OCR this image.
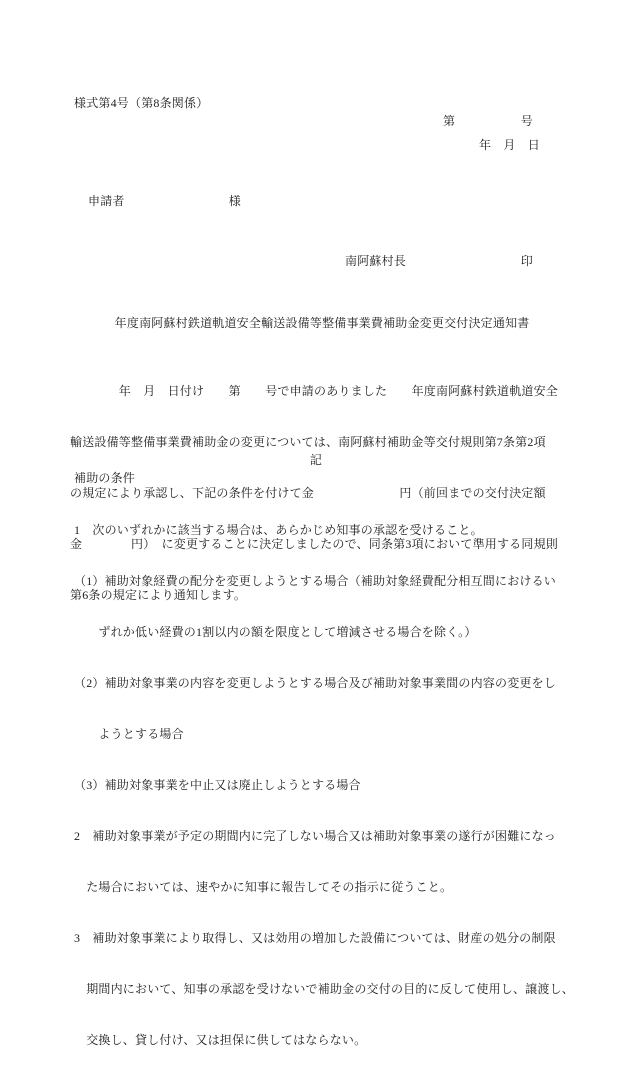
様式第4号（第8条関係）
第	号
年　月　日
申請者	様
南阿蘇村長	印
　年度南阿蘇村鉄道軌道安全輸送設備等整備事業費補助金変更交付決定通知書

　　　　年　月　日付け　　第　　号で申請のありました　　年度南阿蘇村鉄道軌道安全

輸送設備等整備事業費補助金の変更については、南阿蘇村補助金等交付規則第7条第2項

の規定により承認し、下記の条件を付けて金　　　　　　　円（前回までの交付決定額

金　　　　円）　に変更することに決定しましたので、同条第3項において準用する同規則

第6条の規定により通知します。

記
補助の条件

1　次のいずれかに該当する場合は、あらかじめ知事の承認を受けること。

（1）補助対象経費の配分を変更しようとする場合（補助対象経費配分相互間におけるい

　　ずれか低い経費の1割以内の額を限度として増減させる場合を除く。）

（2）補助対象事業の内容を変更しようとする場合及び補助対象事業間の内容の変更をし

　　ようとする場合

（3）補助対象事業を中止又は廃止しようとする場合

2　補助対象事業が予定の期間内に完了しない場合又は補助対象事業の遂行が困難になっ

　た場合においては、速やかに知事に報告してその指示に従うこと。

3　補助対象事業により取得し、又は効用の増加した設備については、財産の処分の制限

　期間内において、知事の承認を受けないで補助金の交付の目的に反して使用し、譲渡し、

　交換し、貸し付け、又は担保に供してはならない。
